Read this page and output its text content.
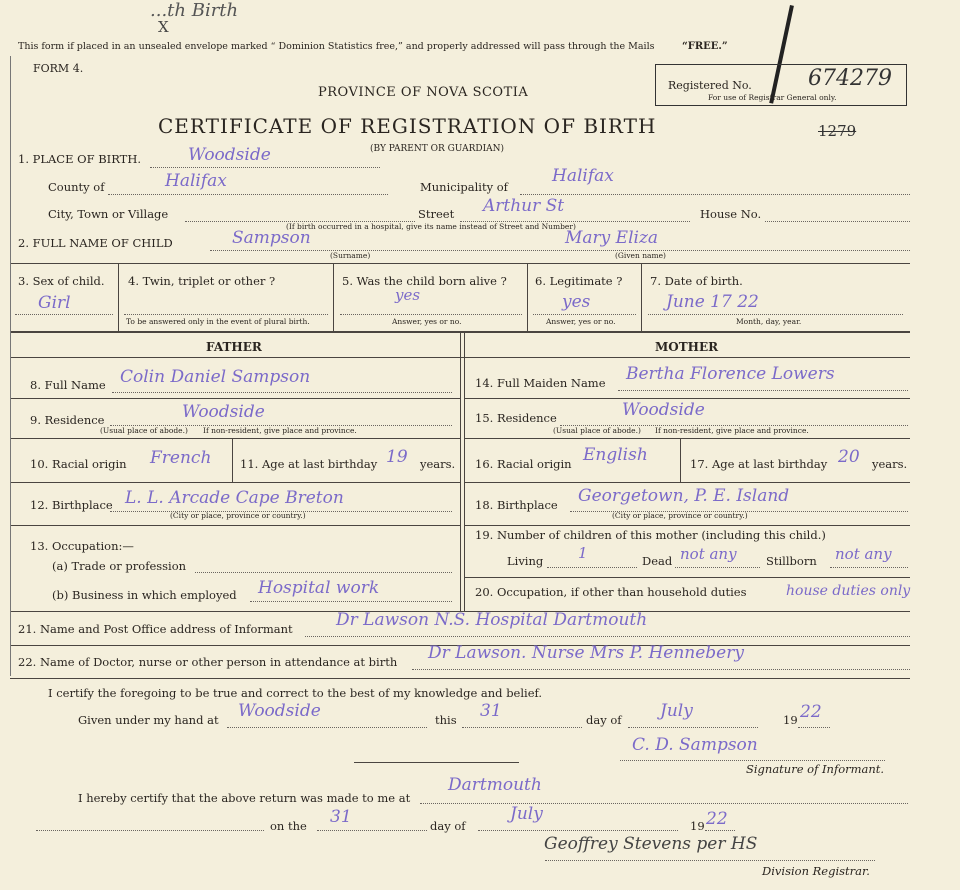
...th Birth
X
This form if placed in an unsealed envelope marked “ Dominion Statistics free,” and properly addressed will pass through the Mails	“FREE.”
FORM 4.
PROVINCE OF NOVA SCOTIA
CERTIFICATE OF REGISTRATION OF BIRTH
(BY PARENT OR GUARDIAN)
Registered No.
For use of Registrar General only.
674279
1279
1. PLACE OF BIRTH.	Woodside
County of	Halifax	Municipality of
Halifax
City, Town or Village	Street Arthur St	House No.
(If birth occurred in a hospital, give its name instead of Street and Number)
2. FULL NAME OF CHILD	Sampson	Mary Eliza
(Surname)	(Given name)
3. Sex of child.
Girl
4. Twin, triplet or other ?
To be answered only in the event of plural birth.
5. Was the child born alive ?
yes
Answer, yes or no.
6. Legitimate ?
yes
Answer, yes or no.
7. Date of birth.
June 17 22
Month, day, year.
FATHER	MOTHER
8. Full Name Colin Daniel Sampson
9. Residence	Woodside
(Usual place of abode.) If non-resident, give place and province.
10. Racial origin French 11. Age at last birthday 19 years.
12. Birthplace L. L. Arcade Cape Breton
(City or place, province or country.)
13. Occupation:—
(a) Trade or profession
(b) Business in which employed Hospital work
14. Full Maiden Name Bertha Florence Lowers
15. Residence	Woodside
(Usual place of abode.) If non-resident, give place and province.
16. Racial origin English	17. Age at last birthday 20 years.
18. Birthplace Georgetown, P. E. Island
(City or place, province or country.)
19. Number of children of this mother (including this child.)
Living 1	Dead not any	Stillborn not any
20. Occupation, if other than household duties	house duties only
21. Name and Post Office address of Informant	Dr Lawson N.S. Hospital Dartmouth
22. Name of Doctor, nurse or other person in attendance at birth Dr Lawson. Nurse Mrs P. Hennebery
I certify the foregoing to be true and correct to the best of my knowledge and belief.
Given under my hand at Woodside	this 31	day of July	19 22
C. D. Sampson
Signature of Informant.
I hereby certify that the above return was made to me at
Dartmouth
on the 31	day of
July
19 22
Geoffrey Stevens per HS
Division Registrar.
